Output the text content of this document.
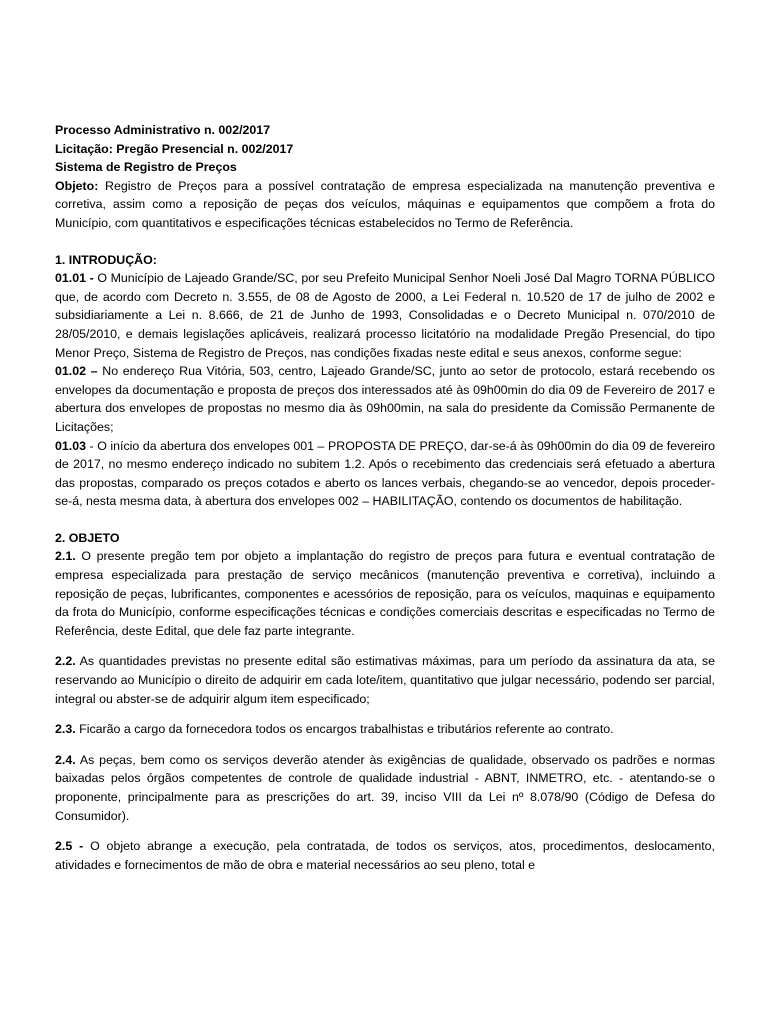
Processo Administrativo n. 002/2017

Licitação: Pregão Presencial n. 002/2017

Sistema de Registro de Preços

Objeto: Registro de Preços para a possível contratação de empresa especializada na manutenção preventiva e corretiva, assim como a reposição de peças dos veículos, máquinas e equipamentos que compõem a frota do Município, com quantitativos e especificações técnicas estabelecidos no Termo de Referência.

1. INTRODUÇÃO:

01.01 - O Município de Lajeado Grande/SC, por seu Prefeito Municipal Senhor Noeli José Dal Magro TORNA PÚBLICO que, de acordo com Decreto n. 3.555, de 08 de Agosto de 2000, a Lei Federal n. 10.520 de 17 de julho de 2002 e subsidiariamente a Lei n. 8.666, de 21 de Junho de 1993, Consolidadas e o Decreto Municipal n. 070/2010 de 28/05/2010, e demais legislações aplicáveis, realizará processo licitatório na modalidade Pregão Presencial, do tipo Menor Preço, Sistema de Registro de Preços, nas condições fixadas neste edital e seus anexos, conforme segue:

01.02 – No endereço Rua Vitória, 503, centro, Lajeado Grande/SC, junto ao setor de protocolo, estará recebendo os envelopes da documentação e proposta de preços dos interessados até às 09h00min do dia 09 de Fevereiro de 2017 e abertura dos envelopes de propostas no mesmo dia às 09h00min, na sala do presidente da Comissão Permanente de Licitações;

01.03 - O início da abertura dos envelopes 001 – PROPOSTA DE PREÇO, dar-se-á às 09h00min do dia 09 de fevereiro de 2017, no mesmo endereço indicado no subitem 1.2. Após o recebimento das credenciais será efetuado a abertura das propostas, comparado os preços cotados e aberto os lances verbais, chegando-se ao vencedor, depois proceder-se-á, nesta mesma data, à abertura dos envelopes 002 – HABILITAÇÃO, contendo os documentos de habilitação.

2. OBJETO

2.1. O presente pregão tem por objeto a implantação do registro de preços para futura e eventual contratação de empresa especializada para prestação de serviço mecânicos (manutenção preventiva e corretiva), incluindo a reposição de peças, lubrificantes, componentes e acessórios de reposição, para os veículos, maquinas e equipamento da frota do Município, conforme especificações técnicas e condições comerciais descritas e especificadas no Termo de Referência, deste Edital, que dele faz parte integrante.

2.2. As quantidades previstas no presente edital são estimativas máximas, para um período da assinatura da ata, se reservando ao Município o direito de adquirir em cada lote/item, quantitativo que julgar necessário, podendo ser parcial, integral ou abster-se de adquirir algum item especificado;

2.3. Ficarão a cargo da fornecedora todos os encargos trabalhistas e tributários referente ao contrato.

2.4. As peças, bem como os serviços deverão atender às exigências de qualidade, observado os padrões e normas baixadas pelos órgãos competentes de controle de qualidade industrial - ABNT, INMETRO, etc. - atentando-se o proponente, principalmente para as prescrições do art. 39, inciso VIII da Lei nº 8.078/90 (Código de Defesa do Consumidor).

2.5 - O objeto abrange a execução, pela contratada, de todos os serviços, atos, procedimentos, deslocamento, atividades e fornecimentos de mão de obra e material necessários ao seu pleno, total e
